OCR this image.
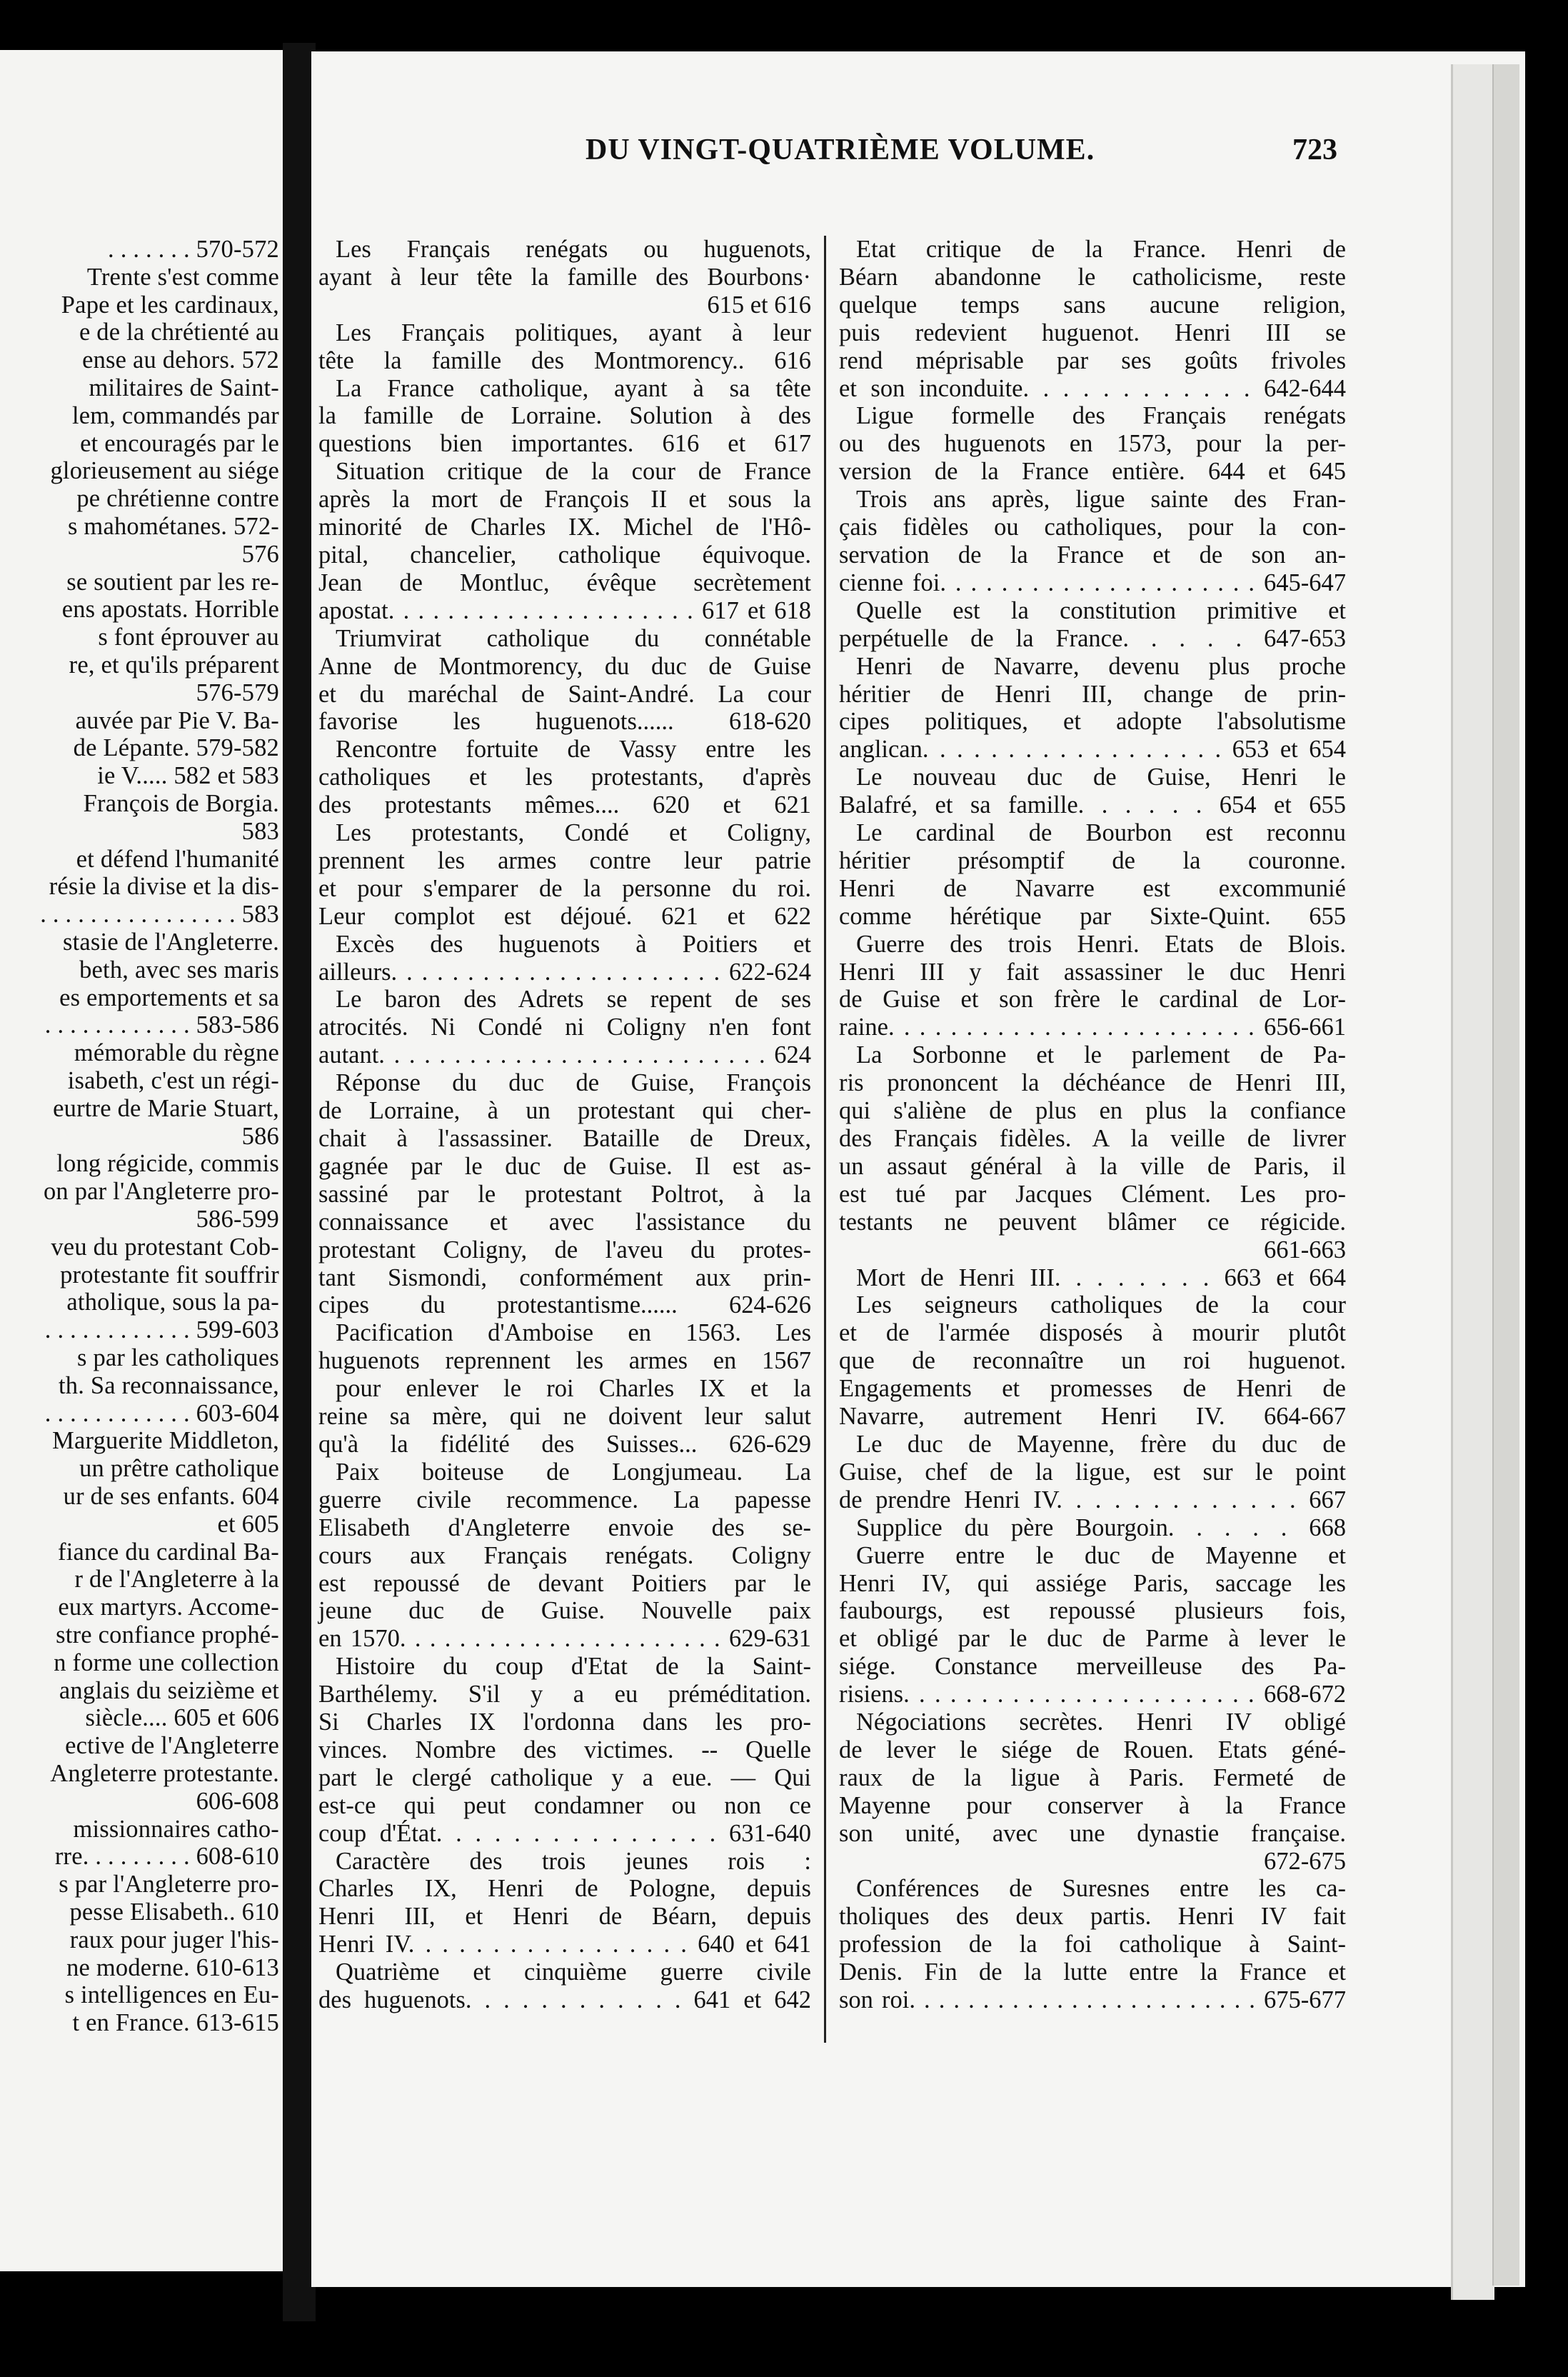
. . . . . . . 570-572
Trente s'est comme
Pape et les cardinaux,
e de la chrétienté au
ense au dehors. 572
militaires de Saint-
lem, commandés par
et encouragés par le
glorieusement au siége
pe chrétienne contre
s mahométanes. 572-
576
se soutient par les re-
ens apostats. Horrible
s font éprouver au
re, et qu'ils préparent
576-579
auvée par Pie V. Ba-
de Lépante. 579-582
ie V..... 582 et 583
François de Borgia.
583
et défend l'humanité
résie la divise et la dis-
. . . . . . . . . . . . . . . . 583
stasie de l'Angleterre.
beth, avec ses maris
es emportements et sa
. . . . . . . . . . . . 583-586
mémorable du règne
isabeth, c'est un régi-
eurtre de Marie Stuart,
586
long régicide, commis
on par l'Angleterre pro-
586-599
veu du protestant Cob-
protestante fit souffrir
atholique, sous la pa-
. . . . . . . . . . . . 599-603
s par les catholiques
th. Sa reconnaissance,
. . . . . . . . . . . . 603-604
Marguerite Middleton,
un prêtre catholique
ur de ses enfants. 604
et 605
fiance du cardinal Ba-
r de l'Angleterre à la
eux martyrs. Accome-
stre confiance prophé-
n forme une collection
anglais du seizième et
siècle.... 605 et 606
ective de l'Angleterre
Angleterre protestante.
606-608
missionnaires catho-
rre. . . . . . . . . 608-610
s par l'Angleterre pro-
pesse Elisabeth.. 610
raux pour juger l'his-
ne moderne. 610-613
s intelligences en Eu-
t en France. 613-615
DU VINGT-QUATRIÈME VOLUME.	723
Les Français renégats ou huguenots,
ayant à leur tête la famille des Bourbons·
615 et 616
Les Français politiques, ayant à leur
tête la famille des Montmorency.. 616
La France catholique, ayant à sa tête
la famille de Lorraine. Solution à des
questions bien importantes. 616 et 617
Situation critique de la cour de France
après la mort de François II et sous la
minorité de Charles IX. Michel de l'Hô-
pital, chancelier, catholique équivoque.
Jean de Montluc, évêque secrètement
apostat. . . . . . . . . . . . . . . . . . . . . 617 et 618
Triumvirat catholique du connétable
Anne de Montmorency, du duc de Guise
et du maréchal de Saint-André. La cour
favorise les huguenots...... 618-620
Rencontre fortuite de Vassy entre les
catholiques et les protestants, d'après
des protestants mêmes.... 620 et 621
Les protestants, Condé et Coligny,
prennent les armes contre leur patrie
et pour s'emparer de la personne du roi.
Leur complot est déjoué. 621 et 622
Excès des huguenots à Poitiers et
ailleurs. . . . . . . . . . . . . . . . . . . . . . 622-624
Le baron des Adrets se repent de ses
atrocités. Ni Condé ni Coligny n'en font
autant. . . . . . . . . . . . . . . . . . . . . . . . . . 624
Réponse du duc de Guise, François
de Lorraine, à un protestant qui cher-
chait à l'assassiner. Bataille de Dreux,
gagnée par le duc de Guise. Il est as-
sassiné par le protestant Poltrot, à la
connaissance et avec l'assistance du
protestant Coligny, de l'aveu du protes-
tant Sismondi, conformément aux prin-
cipes du protestantisme...... 624-626
Pacification d'Amboise en 1563. Les
huguenots reprennent les armes en 1567
pour enlever le roi Charles IX et la
reine sa mère, qui ne doivent leur salut
qu'à la fidélité des Suisses... 626-629
Paix boiteuse de Longjumeau. La
guerre civile recommence. La papesse
Elisabeth d'Angleterre envoie des se-
cours aux Français renégats. Coligny
est repoussé de devant Poitiers par le
jeune duc de Guise. Nouvelle paix
en 1570. . . . . . . . . . . . . . . . . . . . . . 629-631
Histoire du coup d'Etat de la Saint-
Barthélemy. S'il y a eu préméditation.
Si Charles IX l'ordonna dans les pro-
vinces. Nombre des victimes. -- Quelle
part le clergé catholique y a eue. — Qui
est-ce qui peut condamner ou non ce
coup d'État. . . . . . . . . . . . . . . 631-640
Caractère des trois jeunes rois :
Charles IX, Henri de Pologne, depuis
Henri III, et Henri de Béarn, depuis
Henri IV. . . . . . . . . . . . . . . . . 640 et 641
Quatrième et cinquième guerre civile
des huguenots. . . . . . . . . . . . 641 et 642
Etat critique de la France. Henri de
Béarn abandonne le catholicisme, reste
quelque temps sans aucune religion,
puis redevient huguenot. Henri III se
rend méprisable par ses goûts frivoles
et son inconduite. . . . . . . . . . . . 642-644
Ligue formelle des Français renégats
ou des huguenots en 1573, pour la per-
version de la France entière. 644 et 645
Trois ans après, ligue sainte des Fran-
çais fidèles ou catholiques, pour la con-
servation de la France et de son an-
cienne foi. . . . . . . . . . . . . . . . . . . . . 645-647
Quelle est la constitution primitive et
perpétuelle de la France. . . . . 647-653
Henri de Navarre, devenu plus proche
héritier de Henri III, change de prin-
cipes politiques, et adopte l'absolutisme
anglican. . . . . . . . . . . . . . . . . . 653 et 654
Le nouveau duc de Guise, Henri le
Balafré, et sa famille. . . . . . 654 et 655
Le cardinal de Bourbon est reconnu
héritier présomptif de la couronne.
Henri de Navarre est excommunié
comme hérétique par Sixte-Quint. 655
Guerre des trois Henri. Etats de Blois.
Henri III y fait assassiner le duc Henri
de Guise et son frère le cardinal de Lor-
raine. . . . . . . . . . . . . . . . . . . . . . . . 656-661
La Sorbonne et le parlement de Pa-
ris prononcent la déchéance de Henri III,
qui s'aliène de plus en plus la confiance
des Français fidèles. A la veille de livrer
un assaut général à la ville de Paris, il
est tué par Jacques Clément. Les pro-
testants ne peuvent blâmer ce régicide.
661-663
Mort de Henri III. . . . . . . . 663 et 664
Les seigneurs catholiques de la cour
et de l'armée disposés à mourir plutôt
que de reconnaître un roi huguenot.
Engagements et promesses de Henri de
Navarre, autrement Henri IV. 664-667
Le duc de Mayenne, frère du duc de
Guise, chef de la ligue, est sur le point
de prendre Henri IV. . . . . . . . . . . . . 667
Supplice du père Bourgoin. . . . . 668
Guerre entre le duc de Mayenne et
Henri IV, qui assiége Paris, saccage les
faubourgs, est repoussé plusieurs fois,
et obligé par le duc de Parme à lever le
siége. Constance merveilleuse des Pa-
risiens. . . . . . . . . . . . . . . . . . . . . . . 668-672
Négociations secrètes. Henri IV obligé
de lever le siége de Rouen. Etats géné-
raux de la ligue à Paris. Fermeté de
Mayenne pour conserver à la France
son unité, avec une dynastie française.
672-675
Conférences de Suresnes entre les ca-
tholiques des deux partis. Henri IV fait
profession de la foi catholique à Saint-
Denis. Fin de la lutte entre la France et
son roi. . . . . . . . . . . . . . . . . . . . . . . . 675-677
